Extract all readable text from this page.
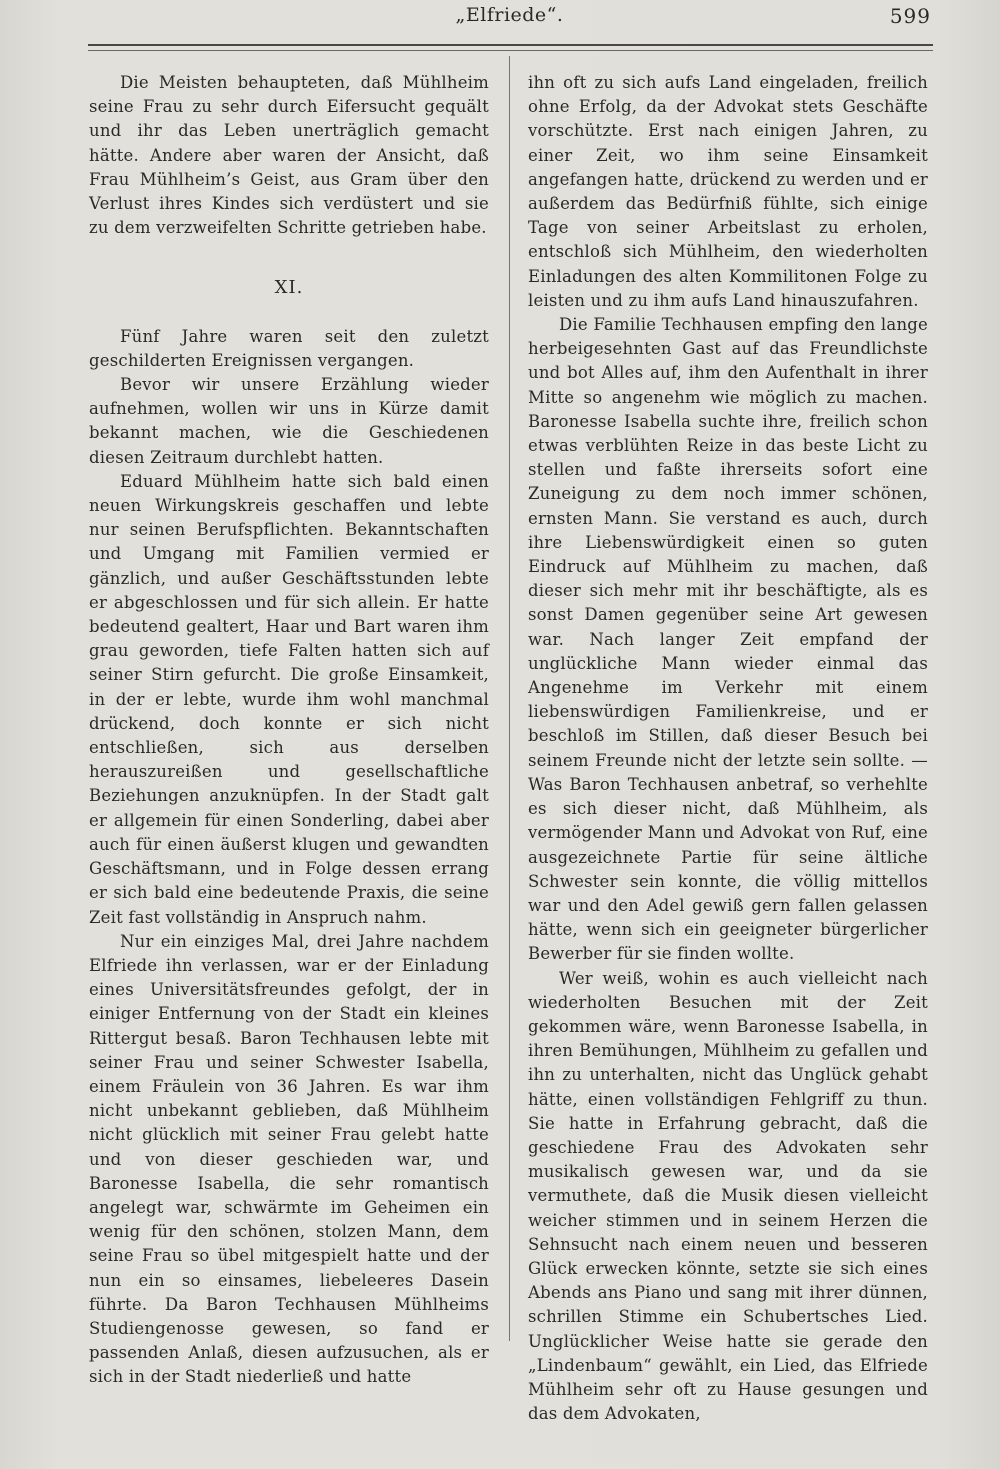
„Elfriede“.	599

Die Meisten behaupteten, daß Mühlheim seine Frau zu sehr durch Eifersucht gequält und ihr das Leben unerträglich gemacht hätte. Andere aber waren der Ansicht, daß Frau Mühlheim’s Geist, aus Gram über den Verlust ihres Kindes sich verdüstert und sie zu dem verzweifelten Schritte getrieben habe.

XI.

Fünf Jahre waren seit den zuletzt geschilderten Ereignissen vergangen.

Bevor wir unsere Erzählung wieder aufnehmen, wollen wir uns in Kürze damit bekannt machen, wie die Geschiedenen diesen Zeitraum durchlebt hatten.

Eduard Mühlheim hatte sich bald einen neuen Wirkungskreis geschaffen und lebte nur seinen Berufspflichten. Bekanntschaften und Umgang mit Familien vermied er gänzlich, und außer Geschäftsstunden lebte er abgeschlossen und für sich allein. Er hatte bedeutend gealtert, Haar und Bart waren ihm grau geworden, tiefe Falten hatten sich auf seiner Stirn gefurcht. Die große Einsamkeit, in der er lebte, wurde ihm wohl manchmal drückend, doch konnte er sich nicht entschließen, sich aus derselben herauszureißen und gesellschaftliche Beziehungen anzuknüpfen. In der Stadt galt er allgemein für einen Sonderling, dabei aber auch für einen äußerst klugen und gewandten Geschäftsmann, und in Folge dessen errang er sich bald eine bedeutende Praxis, die seine Zeit fast vollständig in Anspruch nahm.

Nur ein einziges Mal, drei Jahre nachdem Elfriede ihn verlassen, war er der Einladung eines Universitätsfreundes gefolgt, der in einiger Entfernung von der Stadt ein kleines Rittergut besaß. Baron Techhausen lebte mit seiner Frau und seiner Schwester Isabella, einem Fräulein von 36 Jahren. Es war ihm nicht unbekannt geblieben, daß Mühlheim nicht glücklich mit seiner Frau gelebt hatte und von dieser geschieden war, und Baronesse Isabella, die sehr romantisch angelegt war, schwärmte im Geheimen ein wenig für den schönen, stolzen Mann, dem seine Frau so übel mitgespielt hatte und der nun ein so einsames, liebeleeres Dasein führte. Da Baron Techhausen Mühlheims Studiengenosse gewesen, so fand er passenden Anlaß, diesen aufzusuchen, als er sich in der Stadt niederließ und hatte

ihn oft zu sich aufs Land eingeladen, freilich ohne Erfolg, da der Advokat stets Geschäfte vorschützte. Erst nach einigen Jahren, zu einer Zeit, wo ihm seine Einsamkeit angefangen hatte, drückend zu werden und er außerdem das Bedürfniß fühlte, sich einige Tage von seiner Arbeitslast zu erholen, entschloß sich Mühlheim, den wiederholten Einladungen des alten Kommilitonen Folge zu leisten und zu ihm aufs Land hinauszufahren.

Die Familie Techhausen empfing den lange herbeigesehnten Gast auf das Freundlichste und bot Alles auf, ihm den Aufenthalt in ihrer Mitte so angenehm wie möglich zu machen. Baronesse Isabella suchte ihre, freilich schon etwas verblühten Reize in das beste Licht zu stellen und faßte ihrerseits sofort eine Zuneigung zu dem noch immer schönen, ernsten Mann. Sie verstand es auch, durch ihre Liebenswürdigkeit einen so guten Eindruck auf Mühlheim zu machen, daß dieser sich mehr mit ihr beschäftigte, als es sonst Damen gegenüber seine Art gewesen war. Nach langer Zeit empfand der unglückliche Mann wieder einmal das Angenehme im Verkehr mit einem liebenswürdigen Familienkreise, und er beschloß im Stillen, daß dieser Besuch bei seinem Freunde nicht der letzte sein sollte. — Was Baron Techhausen anbetraf, so verhehlte es sich dieser nicht, daß Mühlheim, als vermögender Mann und Advokat von Ruf, eine ausgezeichnete Partie für seine ältliche Schwester sein konnte, die völlig mittellos war und den Adel gewiß gern fallen gelassen hätte, wenn sich ein geeigneter bürgerlicher Bewerber für sie finden wollte.

Wer weiß, wohin es auch vielleicht nach wiederholten Besuchen mit der Zeit gekommen wäre, wenn Baronesse Isabella, in ihren Bemühungen, Mühlheim zu gefallen und ihn zu unterhalten, nicht das Unglück gehabt hätte, einen vollständigen Fehlgriff zu thun. Sie hatte in Erfahrung gebracht, daß die geschiedene Frau des Advokaten sehr musikalisch gewesen war, und da sie vermuthete, daß die Musik diesen vielleicht weicher stimmen und in seinem Herzen die Sehnsucht nach einem neuen und besseren Glück erwecken könnte, setzte sie sich eines Abends ans Piano und sang mit ihrer dünnen, schrillen Stimme ein Schubertsches Lied. Unglücklicher Weise hatte sie gerade den „Lindenbaum“ gewählt, ein Lied, das Elfriede Mühlheim sehr oft zu Hause gesungen und das dem Advokaten,
